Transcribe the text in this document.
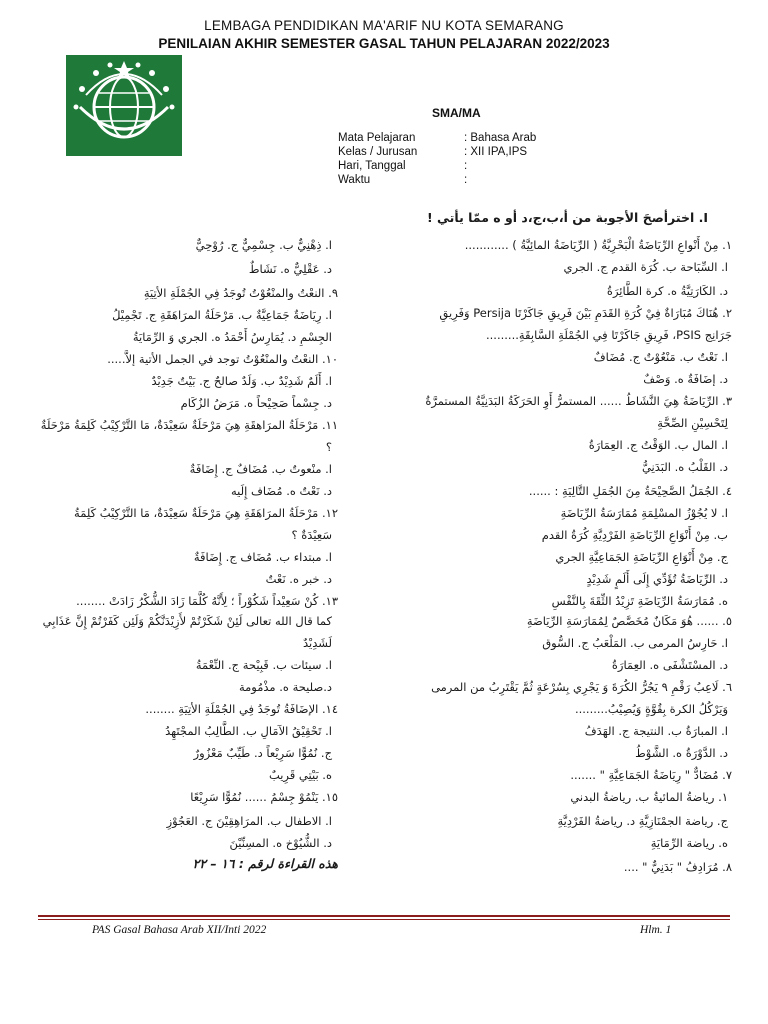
LEMBAGA PENDIDIKAN MA'ARIF NU KOTA SEMARANG
PENILAIAN AKHIR SEMESTER GASAL TAHUN PELAJARAN 2022/2023
SMA/MA
Mata Pelajaran	: Bahasa Arab
Kelas / Jurusan	: XII IPA,IPS
Hari, Tanggal	:
Waktu	:
I. اخترأصحَ الأجوبة من أ،ب،ج،د أو ه ممّا يأتي !
١. مِنْ أَنْواعِ الرِّيَاضَةُ الْبَحْرِيَّةُ ( الرِّيَاضَةُ المائِيَّةُ ) ............
ا. السِّبَاحة ب. كُرَة القدم ج. الجري
د. الكَارَتِيَّةُ ه. كرة الطَّائِرَةُ
٢. هُنَاكَ مُبَارَاةٌ فِيْ كُرَةِ القَدَمِ بَيْنَ فَرِيقِ جَاكَرْتَا Persija وَفَرِيقِ
جَرَانِج PSIS، فَرِيقِ جَاكَرْتَا فِي الجُمْلَةِ السَّابِقَةِ.........
ا. نَعْتٌ ب. مَنْعُوْتٌ ج. مُضَافٌ
د. إضَافَةٌ ه. وَصْفٌ
٣. الرِّيَاضَةُ هِيَ النَّشَاطُ ...... المستمرُّ أَوِ الحَرَكَةُ البَدَنِيَّةُ المستمرَّةُ
لِتَحْسِيْنِ الصِّحَّةِ
ا. المال ب. الوَقْتُ ج. العِمَارَةُ
د. القَلْبُ ه. البَدَنِيُّ
٤. الجُمَلُ الصَّحِيْحَةُ مِنَ الجُمَلِ التَّالِيَةِ : ......
ا. لا يُجُوْزُ المسْلِمَةِ مُمَارَسَةُ الرِّيَاضَةِ
ب. مِنْ أَنْوَاعِ الرِّيَاضَةِ الفَرْدِيَّةِ كُرَةُ القدم
ج. مِنْ أَنْوَاعِ الرِّيَاضَةِ الجَمَاعِيَّةِ الجري
د. الرِّيَاضَةُ تُؤَدِّي إِلَى أَلَمٍ شَدِيْدٍ
ه. مُمَارَسَةُ الرِّيَاضَةِ تَزِيْدُ الثِّقَةَ بِالنَّفْسِ
٥. ...... هُوَ مَكَانٌ مُخَصَّصٌ لِمُمَارَسَةِ الرِّيَاضَةِ
ا. حَارِسُ المرمى ب. المَلْعَبُ ج. السُّوق
د. المسْتَشْفَى ه. العِمَارَةُ
٦. لَاعِبُ رَقْمِ ٩ يَجُرُّ الكُرَةَ وَ يَجْرِي بِسُرْعَةٍ ثُمَّ يَقْتَرِبُ من المرمى
وَيَرْكُلُ الكرة بِقُوَّةٍ وَيُصِيْبُ.........
ا. المبارَةُ ب. النتيجة ج. الهَدَفُ
د. الدَّوْرَةُ ه. الشَّوْطُ
٧. مُضَادٌّ " رِيَاضَةُ الجَمَاعِيَّةِ " .......
١. رياضةُ المائيةُ ب. رياضةُ البدني
ج. رياضة الجمْنَازِيَّةِ د. رياضةُ الفَرْدِيَّةِ
ه. رياضة الرِّمَايَةِ
٨. مُرَادِفُ " بَدَنِيٌّ " ....
ا. ذِهْنِيٌّ ب. جِسْمِيٌّ ج. رُوْحِيٌّ
د. عَقْلِيٌّ ه. نَشَاطٌ
٩. النعْتُ والمنْعُوْتُ تُوجَدُ فِي الجُمْلَةِ الأتِيَةِ
ا. رِيَاضَةٌ جَمَاعِيَّةٌ ب. مَرْحَلَةُ المرَاهَقَةِ ج. تَجْمِيْلُ
الجِسْمِ د. يُمَارِسُ أَحْمَدُ ه. الجري وَ الرِّمَايَةُ
١٠. النعْتُ والمنْعُوْتُ توجد في الجمل الأتية إلاَّ.....
ا. أَلَمٌ شَدِيْدٌ ب. وَلَدٌ صالحٌ ج. بَيْتٌ جَدِيْدٌ
د. جِسْماً صَحِيْحاً ه. مَرَضُ الزُكَام
١١. مَرْحَلَةُ المرَاهقَةِ هِيَ مَرْحَلَةٌ سَعِيْدَةٌ، مَا التَّرْكِيْبُ كَلِمَةُ مَرْحَلَةٌ
؟
ا. منْعوتٌ ب. مُضَافٌ ج. إِضَافَةٌ
د. نَعْتٌ ه. مُضَاف إِلَيه
١٢. مَرْحَلَةُ المرَاهَقَةِ هِيَ مَرْحَلَةٌ سَعِيْدَةٌ، مَا التَّرْكِيْبُ كَلِمَةُ
سَعِيْدَةٌ ؟
ا. مبتداء ب. مُضَاف ج. إِضَافَةٌ
د. خبر ه. نَعْتٌ
١٣. كُنْ سَعِيْداً شَكُوْراً ؛ لِأَنَّهُ كُلَّمَا زَادَ الشُّكْرُ زَادَتْ ........
كما قال الله تعالى لَئِنْ شَكَرْتُمْ لأَزِيْدَنَّكُمْ وَلَئِن كَفَرْتُمْ إِنَّ عَذَابِي
لَشَدِيْدٌ
ا. سيئات ب. قَبِيْحة ج. النِّعْمَةُ
د.صليحة ه. مذْمُومة
١٤. الإضَافَةُ تُوجَدُ فِي الجُمْلَةِ الأتِيَةِ ........
ا. تَحْقِيْقُ الآمَالِ ب. الطَّالِبُ المجْتَهِدُ
ج. نُمُوًّا سَرِيْعاً د. طَيِّبٌ مَعْزُورٌ
ه. بَيْتِي قَرِيبٌ
١٥. يَنْمُوْ جِسْمُ ...... نُمُوًّا سَرِيْعًا
ا. الاطفال ب. المرَاهِقِيْنَ ج. العَجُوْزِ
د. الشُّيُوْخ ه. المسِنِّيْنَ
هذه القراءة لرقم : ١٦ – ٢٢
PAS Gasal Bahasa Arab XII/Inti 2022	Hlm. 1
